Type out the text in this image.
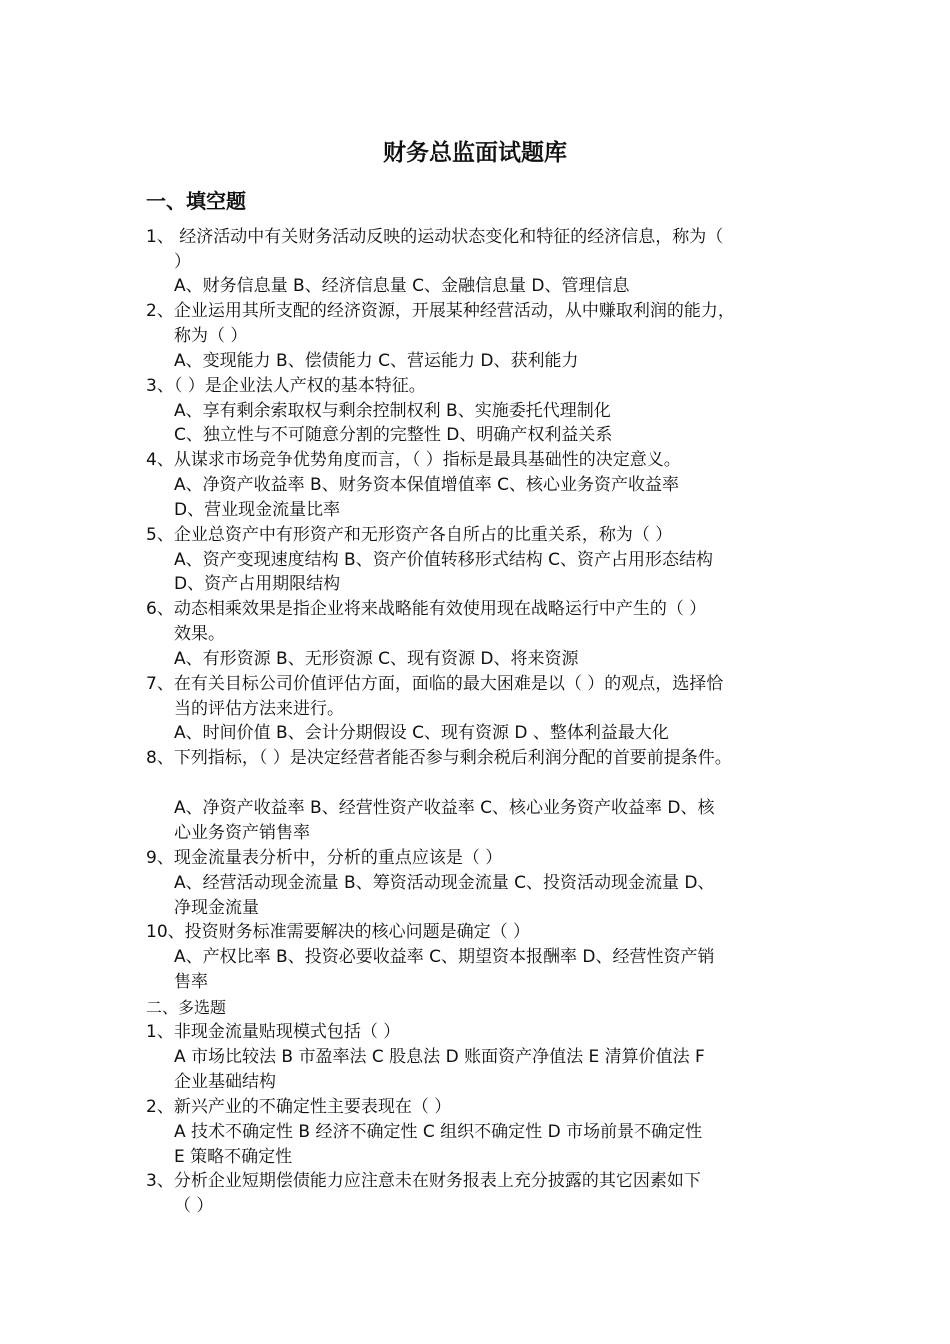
财务总监面试题库
一、填空题
1、 经济活动中有关财务活动反映的运动状态变化和特征的经济信息，称为（
）
A、财务信息量 B、经济信息量 C、金融信息量 D、管理信息
2、企业运用其所支配的经济资源，开展某种经营活动，从中赚取利润的能力，
称为（ ）
A、变现能力 B、偿债能力 C、营运能力 D、获利能力
3、（ ）是企业法人产权的基本特征。
A、享有剩余索取权与剩余控制权利 B、实施委托代理制化
C、独立性与不可随意分割的完整性 D、明确产权利益关系
4、从谋求市场竞争优势角度而言，（ ）指标是最具基础性的决定意义。
A、净资产收益率 B、财务资本保值增值率 C、核心业务资产收益率
D、营业现金流量比率
5、企业总资产中有形资产和无形资产各自所占的比重关系，称为（ ）
A、资产变现速度结构 B、资产价值转移形式结构 C、资产占用形态结构
D、资产占用期限结构
6、动态相乘效果是指企业将来战略能有效使用现在战略运行中产生的（ ）
效果。
A、有形资源 B、无形资源 C、现有资源 D、将来资源
7、在有关目标公司价值评估方面，面临的最大困难是以（ ）的观点，选择恰
当的评估方法来进行。
A、时间价值 B、会计分期假设 C、现有资源 D 、整体利益最大化
8、下列指标，（ ）是决定经营者能否参与剩余税后利润分配的首要前提条件。
A、净资产收益率 B、经营性资产收益率 C、核心业务资产收益率 D、核
心业务资产销售率
9、现金流量表分析中，分析的重点应该是（ ）
A、经营活动现金流量 B、筹资活动现金流量 C、投资活动现金流量 D、
净现金流量
10、投资财务标准需要解决的核心问题是确定（ ）
A、产权比率 B、投资必要收益率 C、期望资本报酬率 D、经营性资产销
售率
二、多选题
1、非现金流量贴现模式包括（ ）
A 市场比较法 B 市盈率法 C 股息法 D 账面资产净值法 E 清算价值法 F
企业基础结构
2、新兴产业的不确定性主要表现在（ ）
A 技术不确定性 B 经济不确定性 C 组织不确定性 D 市场前景不确定性
E 策略不确定性
3、分析企业短期偿债能力应注意未在财务报表上充分披露的其它因素如下
（ ）
